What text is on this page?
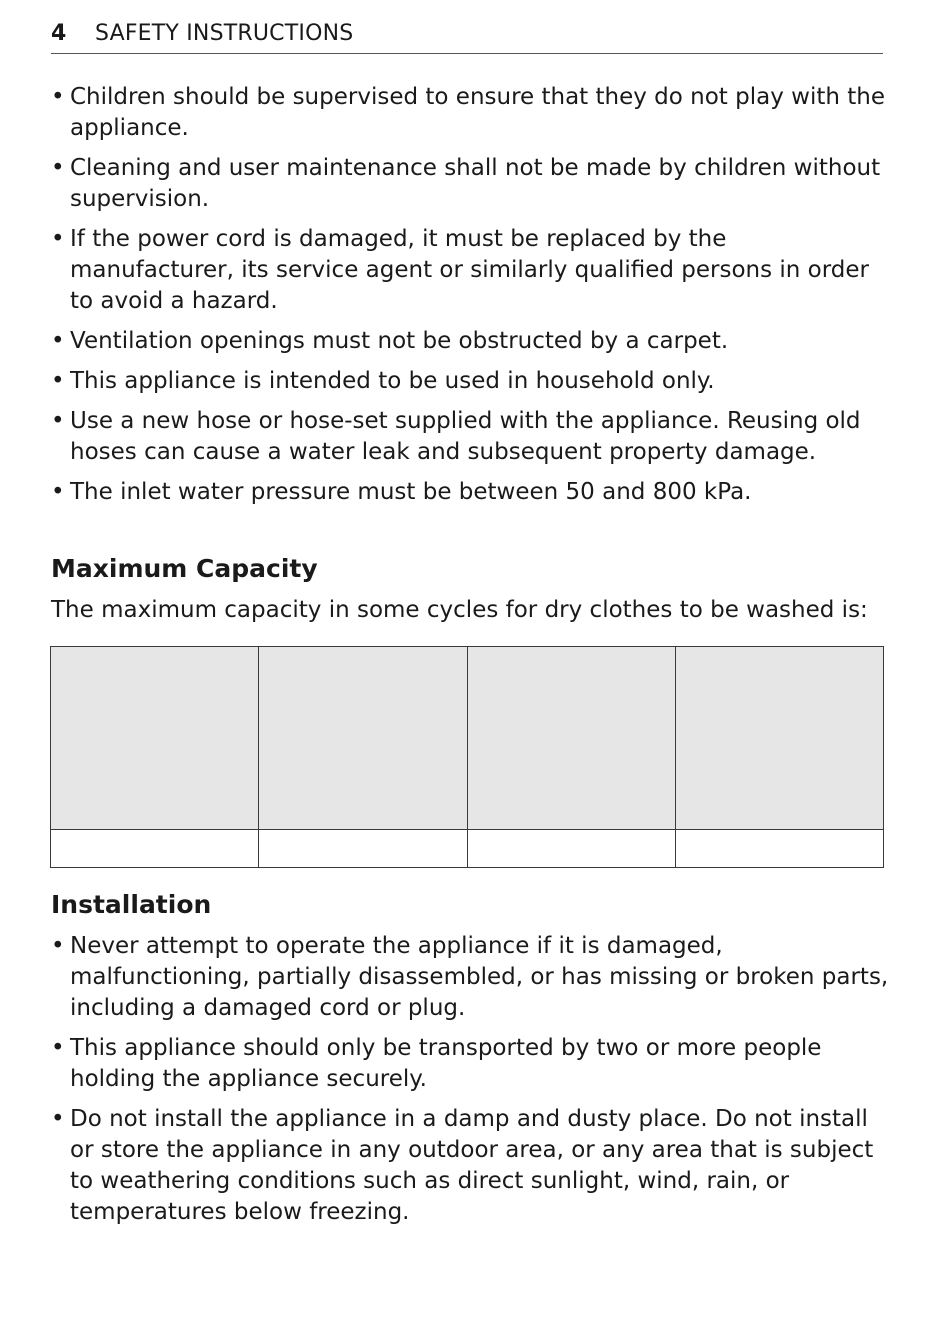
4 SAFETY INSTRUCTIONS
• Children should be supervised to ensure that they do not play with the appliance.
• Cleaning and user maintenance shall not be made by children without supervision.
• If the power cord is damaged, it must be replaced by the manufacturer, its service agent or similarly qualified persons in order to avoid a hazard.
• Ventilation openings must not be obstructed by a carpet.
• This appliance is intended to be used in household only.
• Use a new hose or hose-set supplied with the appliance. Reusing old hoses can cause a water leak and subsequent property damage.
• The inlet water pressure must be between 50 and 800 kPa.
Maximum Capacity
The maximum capacity in some cycles for dry clothes to be washed is:

Installation
• Never attempt to operate the appliance if it is damaged, malfunctioning, partially disassembled, or has missing or broken parts, including a damaged cord or plug.
• This appliance should only be transported by two or more people holding the appliance securely.
• Do not install the appliance in a damp and dusty place. Do not install or store the appliance in any outdoor area, or any area that is subject to weathering conditions such as direct sunlight, wind, rain, or temperatures below freezing.
